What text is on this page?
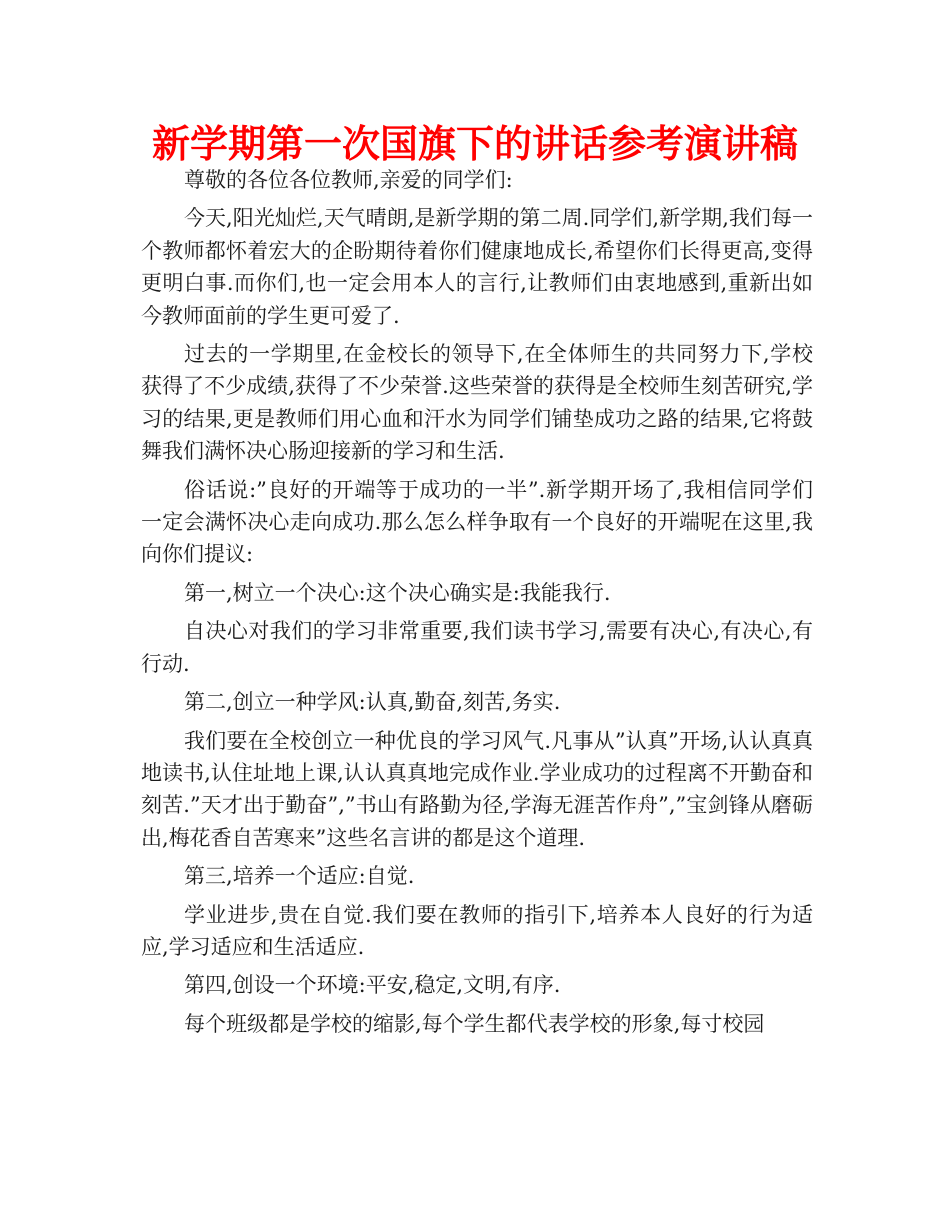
新学期第一次国旗下的讲话参考演讲稿

尊敬的各位各位教师,亲爱的同学们:

今天,阳光灿烂,天气晴朗,是新学期的第二周.同学们,新学期,我们每一个教师都怀着宏大的企盼期待着你们健康地成长,希望你们长得更高,变得更明白事.而你们,也一定会用本人的言行,让教师们由衷地感到,重新出如今教师面前的学生更可爱了.

过去的一学期里,在金校长的领导下,在全体师生的共同努力下,学校获得了不少成绩,获得了不少荣誉.这些荣誉的获得是全校师生刻苦研究,学习的结果,更是教师们用心血和汗水为同学们铺垫成功之路的结果,它将鼓舞我们满怀决心肠迎接新的学习和生活.

俗话说:”良好的开端等于成功的一半”.新学期开场了,我相信同学们一定会满怀决心走向成功.那么怎么样争取有一个良好的开端呢在这里,我向你们提议:

第一,树立一个决心:这个决心确实是:我能我行.

自决心对我们的学习非常重要,我们读书学习,需要有决心,有决心,有行动.

第二,创立一种学风:认真,勤奋,刻苦,务实.

我们要在全校创立一种优良的学习风气.凡事从”认真”开场,认认真真地读书,认住址地上课,认认真真地完成作业.学业成功的过程离不开勤奋和刻苦.”天才出于勤奋”,”书山有路勤为径,学海无涯苦作舟”,”宝剑锋从磨砺出,梅花香自苦寒来”这些名言讲的都是这个道理.

第三,培养一个适应:自觉.

学业进步,贵在自觉.我们要在教师的指引下,培养本人良好的行为适应,学习适应和生活适应.

第四,创设一个环境:平安,稳定,文明,有序.

每个班级都是学校的缩影,每个学生都代表学校的形象,每寸校园
